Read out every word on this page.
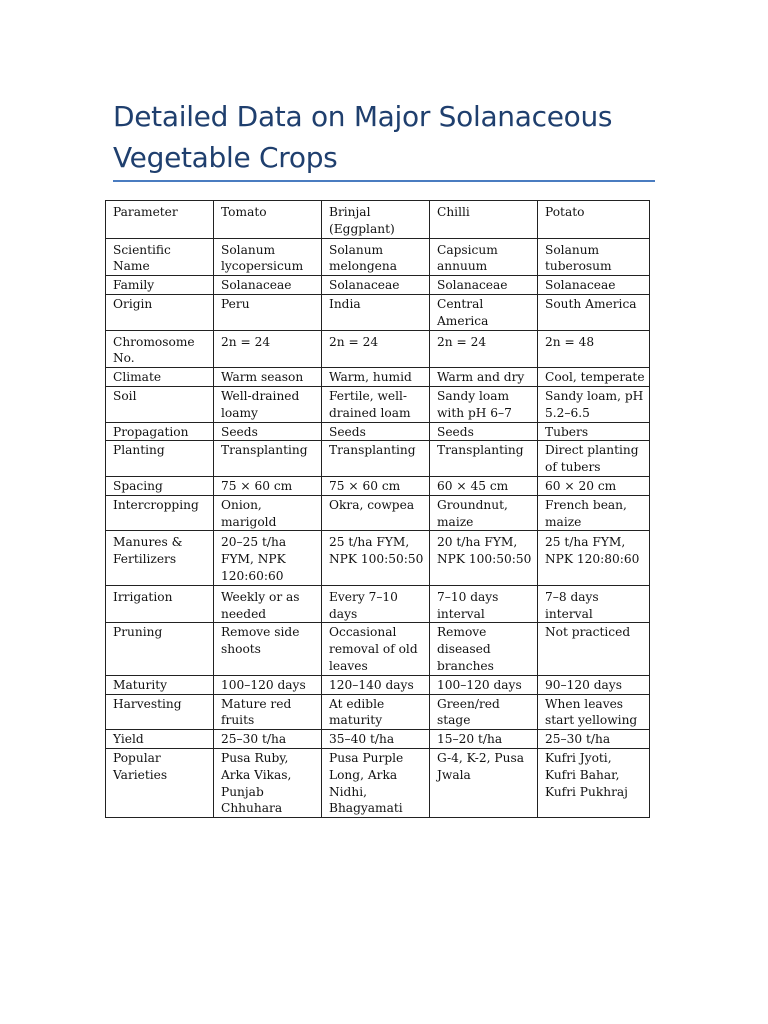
Detailed Data on Major Solanaceous Vegetable Crops
Parameter	Tomato	Brinjal (Eggplant)	Chilli	Potato
Scientific Name	Solanum lycopersicum	Solanum melongena	Capsicum annuum	Solanum tuberosum
Family	Solanaceae	Solanaceae	Solanaceae	Solanaceae
Origin	Peru	India	Central America	South America
Chromosome No.	2n = 24	2n = 24	2n = 24	2n = 48
Climate	Warm season	Warm, humid	Warm and dry	Cool, temperate
Soil	Well-drained loamy	Fertile, well-drained loam	Sandy loam with pH 6–7	Sandy loam, pH 5.2–6.5
Propagation	Seeds	Seeds	Seeds	Tubers
Planting	Transplanting	Transplanting	Transplanting	Direct planting of tubers
Spacing	75 × 60 cm	75 × 60 cm	60 × 45 cm	60 × 20 cm
Intercropping	Onion, marigold	Okra, cowpea	Groundnut, maize	French bean, maize
Manures & Fertilizers	20–25 t/ha FYM, NPK 120:60:60	25 t/ha FYM, NPK 100:50:50	20 t/ha FYM, NPK 100:50:50	25 t/ha FYM, NPK 120:80:60
Irrigation	Weekly or as needed	Every 7–10 days	7–10 days interval	7–8 days interval
Pruning	Remove side shoots	Occasional removal of old leaves	Remove diseased branches	Not practiced
Maturity	100–120 days	120–140 days	100–120 days	90–120 days
Harvesting	Mature red fruits	At edible maturity	Green/red stage	When leaves start yellowing
Yield	25–30 t/ha	35–40 t/ha	15–20 t/ha	25–30 t/ha
Popular Varieties	Pusa Ruby, Arka Vikas, Punjab Chhuhara	Pusa Purple Long, Arka Nidhi, Bhagyamati	G-4, K-2, Pusa Jwala	Kufri Jyoti, Kufri Bahar, Kufri Pukhraj
